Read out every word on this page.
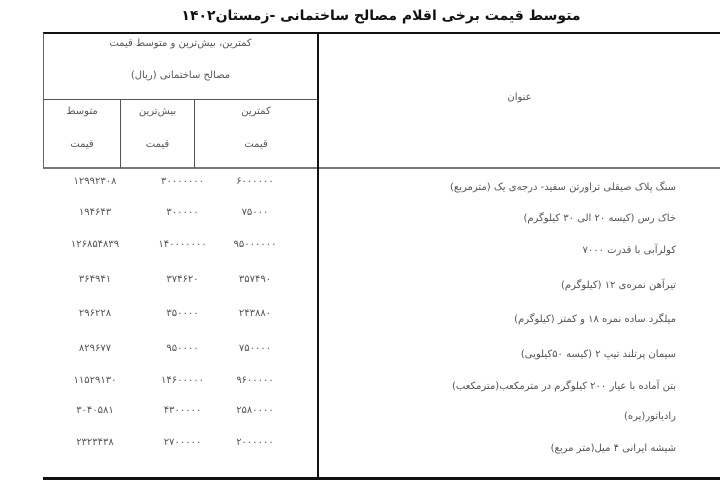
متوسط قیمت برخی اقلام مصالح ساختمانی -زمستان۱۴۰۲
کمترین، بیش‌ترین و متوسط قیمت
مصالح ساختمانی (ریال)
کمترین
بیش‌ترین
متوسط
قیمت
قیمت
قیمت
عنوان
سنگ پلاک صیقلی تراورتن سفید- درجه‌ی یک (مترمربع)
۶۰۰۰۰۰۰
۳۰۰۰۰۰۰۰
۱۲۹۹۲۳۰۸
خاک رس (کیسه ۲۰ الی ۳۰ کیلوگرم)
۷۵۰۰۰
۳۰۰۰۰۰
۱۹۴۶۴۳
کولرآبی با قدرت ۷۰۰۰
۹۵۰۰۰۰۰۰
۱۴۰۰۰۰۰۰۰
۱۲۶۸۵۴۸۳۹
تیرآهن نمره‌ی ۱۲ (کیلوگرم)
۳۵۷۴۹۰
۳۷۴۶۲۰
۳۶۴۹۴۱
میلگرد ساده نمره ۱۸ و کمتر (کیلوگرم)
۲۴۳۸۸۰
۳۵۰۰۰۰
۲۹۶۲۲۸
سیمان پرتلند تیپ ۲ (کیسه ۵۰کیلویی)
۷۵۰۰۰۰
۹۵۰۰۰۰
۸۲۹۶۷۷
بتن آماده با عیار ۲۰۰ کیلوگرم در مترمکعب(مترمکعب)
۹۶۰۰۰۰۰
۱۴۶۰۰۰۰۰
۱۱۵۲۹۱۳۰
رادیاتور(پره)
۲۵۸۰۰۰۰
۴۳۰۰۰۰۰
۳۰۴۰۵۸۱
شیشه ایرانی ۴ میل(متر مربع)
۲۰۰۰۰۰۰
۲۷۰۰۰۰۰
۲۳۲۳۴۳۸
